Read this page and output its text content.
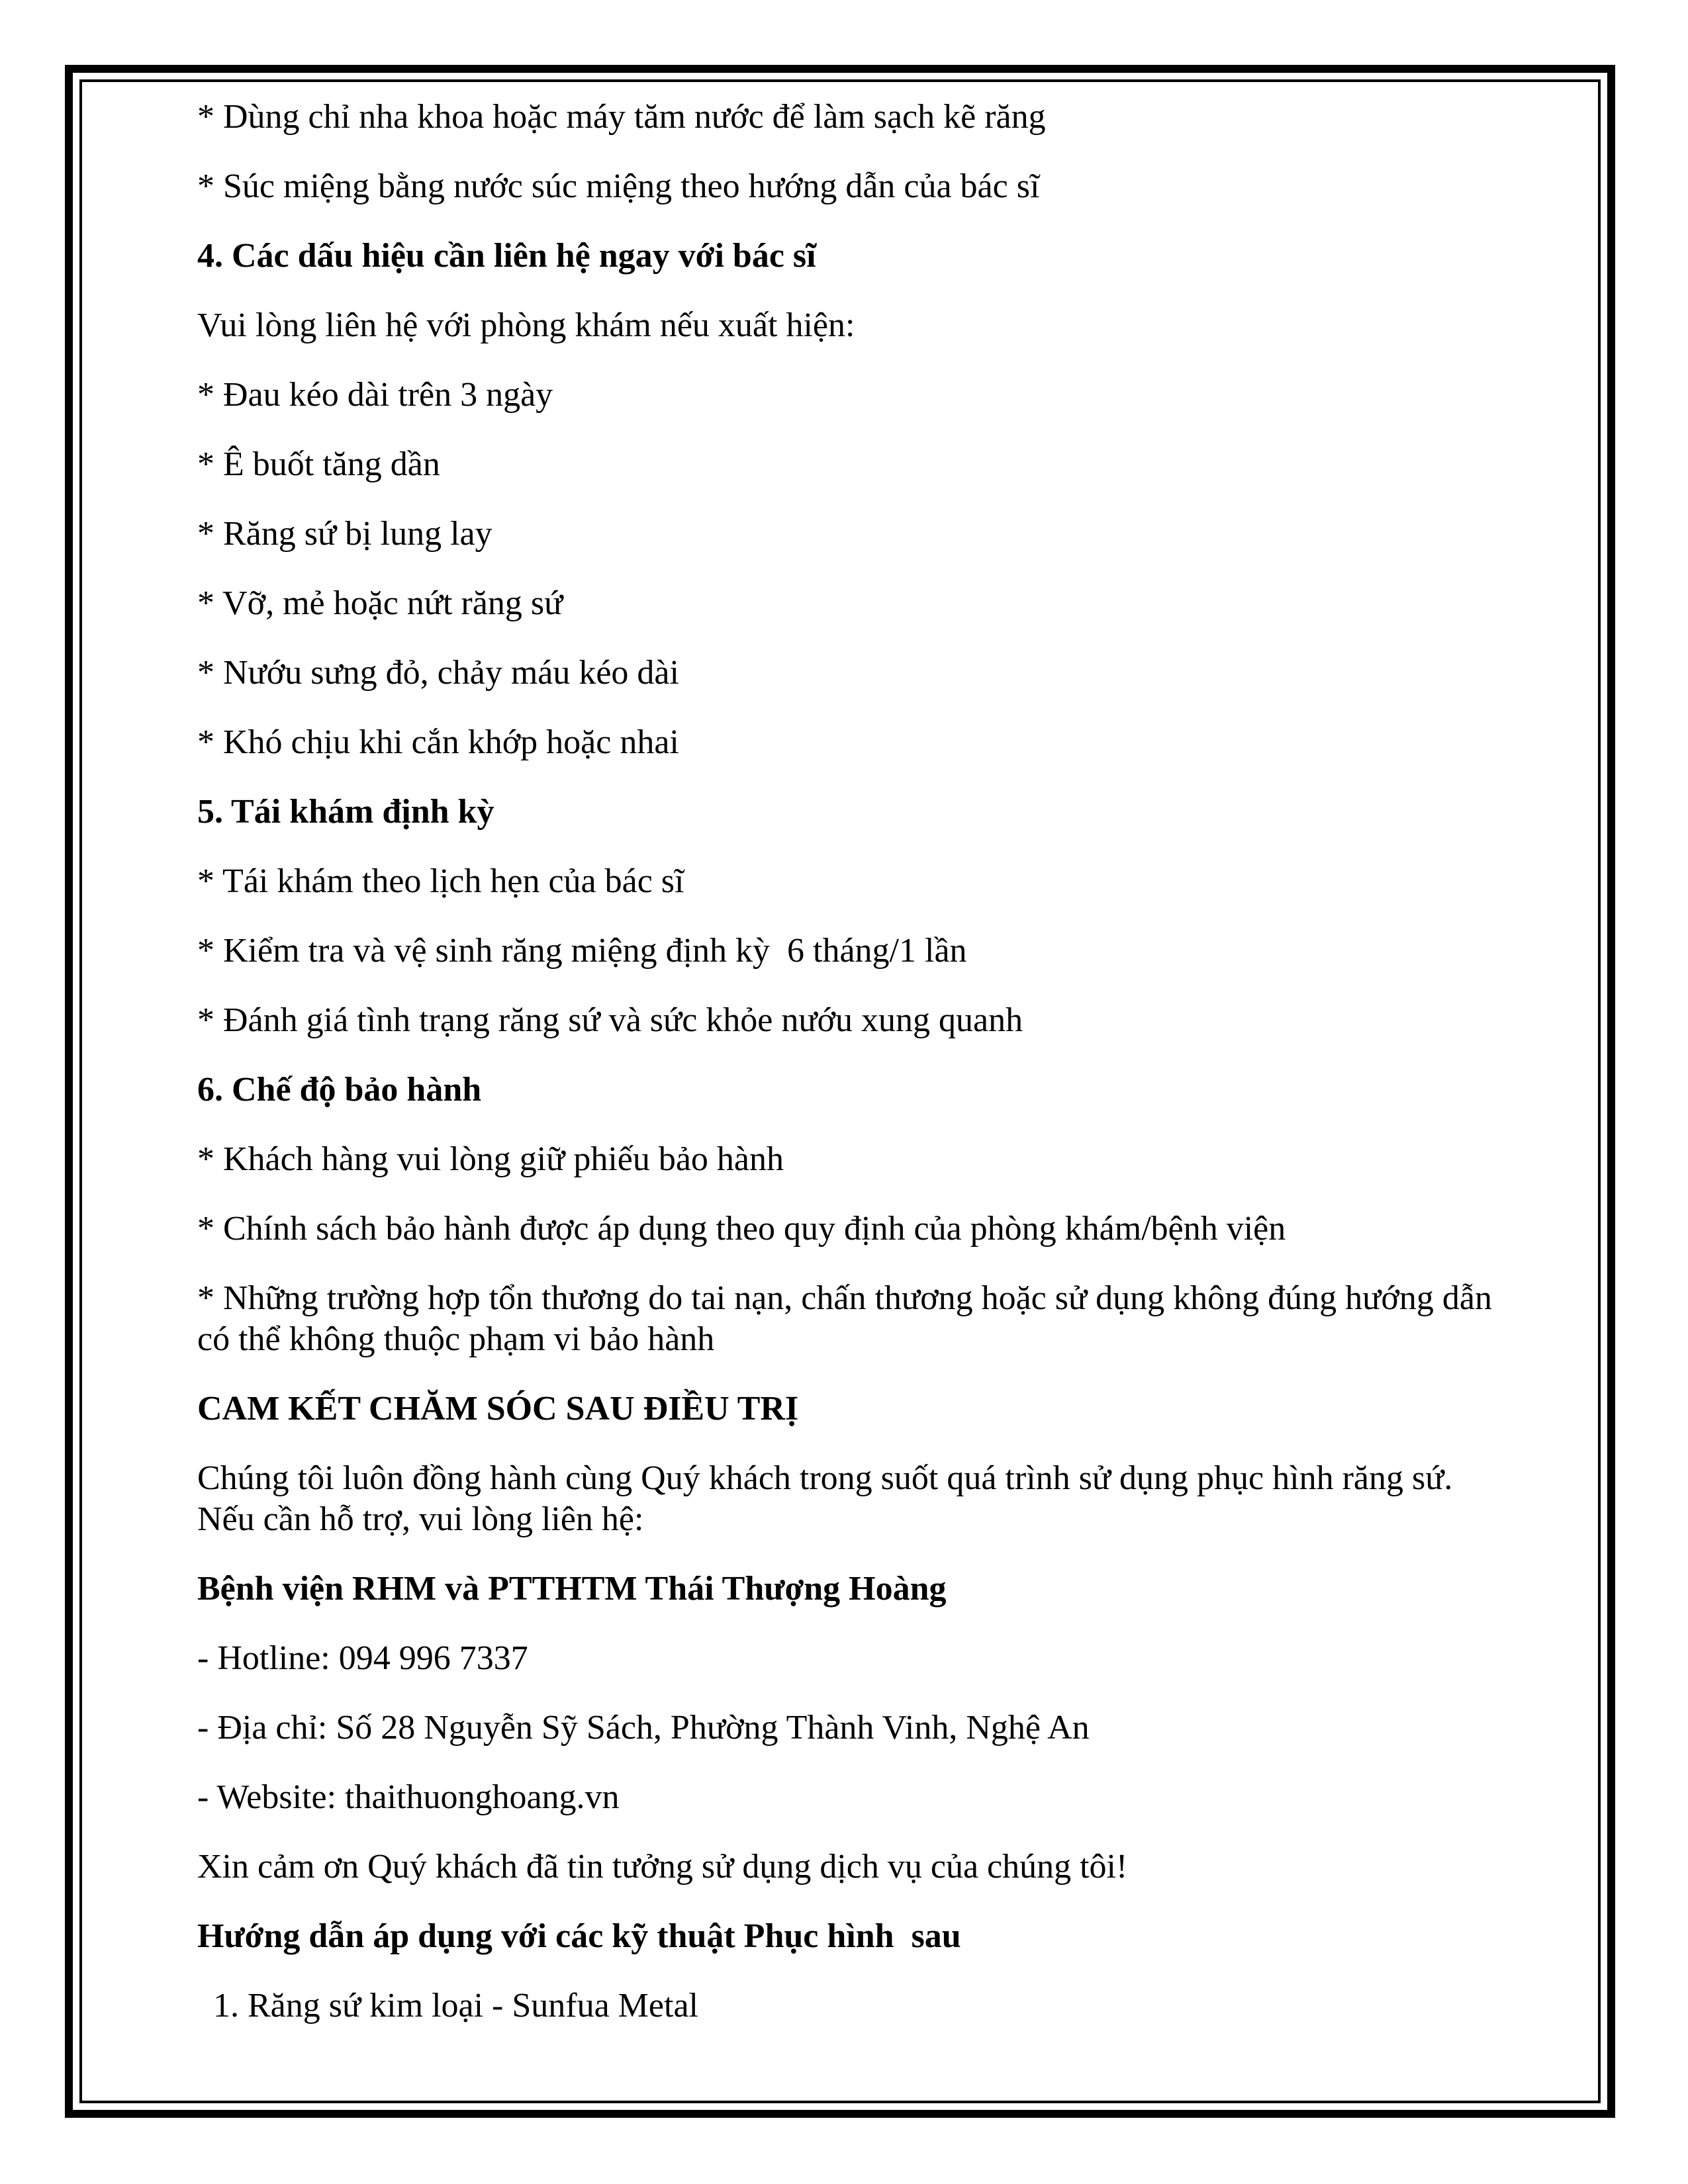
* Dùng chỉ nha khoa hoặc máy tăm nước để làm sạch kẽ răng

* Súc miệng bằng nước súc miệng theo hướng dẫn của bác sĩ

4. Các dấu hiệu cần liên hệ ngay với bác sĩ

Vui lòng liên hệ với phòng khám nếu xuất hiện:

* Đau kéo dài trên 3 ngày

* Ê buốt tăng dần

* Răng sứ bị lung lay

* Vỡ, mẻ hoặc nứt răng sứ

* Nướu sưng đỏ, chảy máu kéo dài

* Khó chịu khi cắn khớp hoặc nhai

5. Tái khám định kỳ

* Tái khám theo lịch hẹn của bác sĩ

* Kiểm tra và vệ sinh răng miệng định kỳ  6 tháng/1 lần

* Đánh giá tình trạng răng sứ và sức khỏe nướu xung quanh

6. Chế độ bảo hành

* Khách hàng vui lòng giữ phiếu bảo hành

* Chính sách bảo hành được áp dụng theo quy định của phòng khám/bệnh viện

* Những trường hợp tổn thương do tai nạn, chấn thương hoặc sử dụng không đúng hướng dẫn có thể không thuộc phạm vi bảo hành

CAM KẾT CHĂM SÓC SAU ĐIỀU TRỊ

Chúng tôi luôn đồng hành cùng Quý khách trong suốt quá trình sử dụng phục hình răng sứ. Nếu cần hỗ trợ, vui lòng liên hệ:

Bệnh viện RHM và PTTHTM Thái Thượng Hoàng

- Hotline: 094 996 7337

- Địa chỉ: Số 28 Nguyễn Sỹ Sách, Phường Thành Vinh, Nghệ An

- Website: thaithuonghoang.vn

Xin cảm ơn Quý khách đã tin tưởng sử dụng dịch vụ của chúng tôi!

Hướng dẫn áp dụng với các kỹ thuật Phục hình  sau

1. Răng sứ kim loại - Sunfua Metal
